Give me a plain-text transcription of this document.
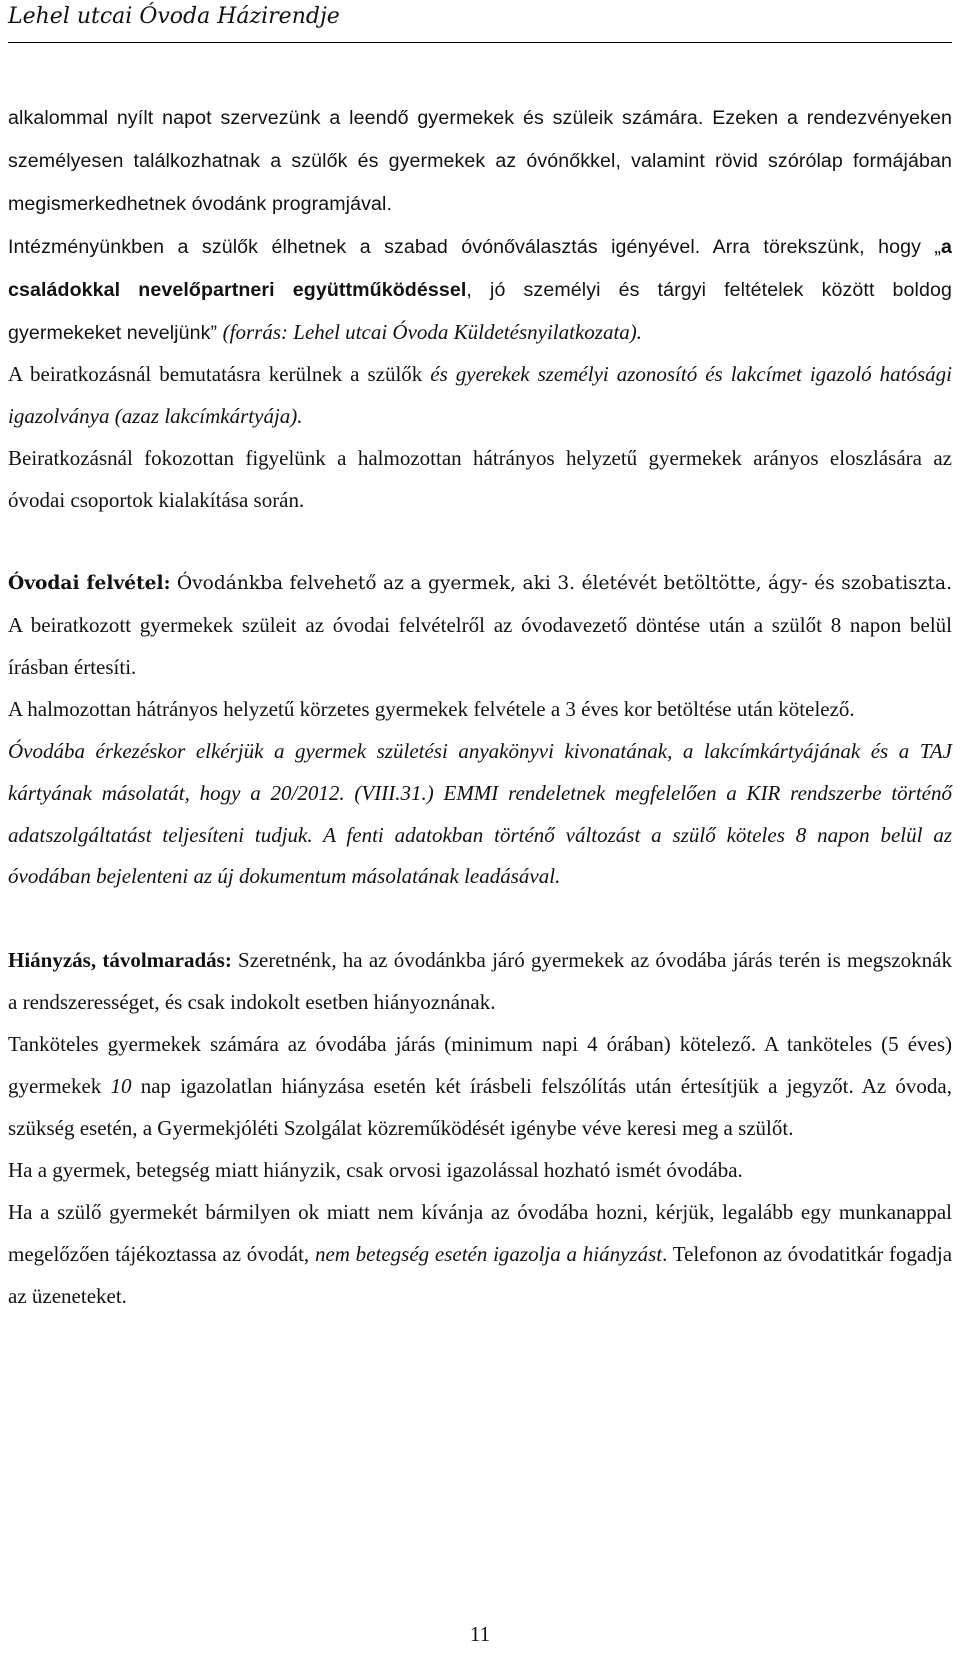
Lehel utcai Óvoda Házirendje

alkalommal nyílt napot szervezünk a leendő gyermekek és szüleik számára. Ezeken a rendezvényeken személyesen találkozhatnak a szülők és gyermekek az óvónőkkel, valamint rövid szórólap formájában megismerkedhetnek óvodánk programjával.

Intézményünkben a szülők élhetnek a szabad óvónőválasztás igényével. Arra törekszünk, hogy „a családokkal nevelőpartneri együttműködéssel, jó személyi és tárgyi feltételek között boldog gyermekeket neveljünk” (forrás: Lehel utcai Óvoda Küldetésnyilatkozata).

A beiratkozásnál bemutatásra kerülnek a szülők és gyerekek személyi azonosító és lakcímet igazoló hatósági igazolványa (azaz lakcímkártyája).

Beiratkozásnál fokozottan figyelünk a halmozottan hátrányos helyzetű gyermekek arányos eloszlására az óvodai csoportok kialakítása során.

Óvodai felvétel: Óvodánkba felvehető az a gyermek, aki 3. életévét betöltötte, ágy- és szobatiszta. A beiratkozott gyermekek szüleit az óvodai felvételről az óvodavezető döntése után a szülőt 8 napon belül írásban értesíti.

A halmozottan hátrányos helyzetű körzetes gyermekek felvétele a 3 éves kor betöltése után kötelező.

Óvodába érkezéskor elkérjük a gyermek születési anyakönyvi kivonatának, a lakcímkártyájának és a TAJ kártyának másolatát, hogy a 20/2012. (VIII.31.) EMMI rendeletnek megfelelően a KIR rendszerbe történő adatszolgáltatást teljesíteni tudjuk. A fenti adatokban történő változást a szülő köteles 8 napon belül az óvodában bejelenteni az új dokumentum másolatának leadásával.

Hiányzás, távolmaradás: Szeretnénk, ha az óvodánkba járó gyermekek az óvodába járás terén is megszoknák a rendszerességet, és csak indokolt esetben hiányoznának.

Tanköteles gyermekek számára az óvodába járás (minimum napi 4 órában) kötelező. A tanköteles (5 éves) gyermekek 10 nap igazolatlan hiányzása esetén két írásbeli felszólítás után értesítjük a jegyzőt. Az óvoda, szükség esetén, a Gyermekjóléti Szolgálat közreműködését igénybe véve keresi meg a szülőt.

Ha a gyermek, betegség miatt hiányzik, csak orvosi igazolással hozható ismét óvodába.

Ha a szülő gyermekét bármilyen ok miatt nem kívánja az óvodába hozni, kérjük, legalább egy munkanappal megelőzően tájékoztassa az óvodát, nem betegség esetén igazolja a hiányzást. Telefonon az óvodatitkár fogadja az üzeneteket.

11
